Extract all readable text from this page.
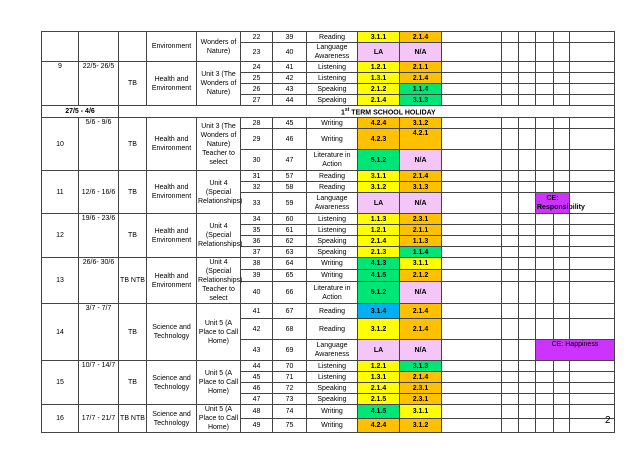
			Environment	Wonders of Nature)	22	39	Reading	3.1.1	2.1.4						
					23	40	Language Awareness	LA	N/A						
9	22/5- 26/5	TB	Health and Environment	Unit 3 (The Wonders of Nature)	24	41	Listening	1.2.1	2.1.1						
					25	42	Listening	1.3.1	2.1.4						
					26	43	Speaking	2.1.2	1.1.4						
					27	44	Speaking	2.1.4	3.1.3						
27/5 - 4/6		1st TERM SCHOOL HOLIDAY													
10	5/6 - 9/6	TB	Health and Environment	Unit 3 (The Wonders of Nature) Teacher to select	28	45	Writing	4.2.4	3.1.2						
					29	46	Writing	4.2.3	4.2.1						
					30	47	Literature in Action	5.1.2	N/A						
11	12/6 - 16/6	TB	Health and Environment	Unit 4 (Special Relationships)	31	57	Reading	3.1.1	2.1.4						
					32	58	Reading	3.1.2	3.1.3						
					33	59	Language Awareness	LA	N/A				CE: Responsibility		
12	19/6 - 23/6	TB	Health and Environment	Unit 4 (Special Relationships)	34	60	Listening	1.1.3	2.3.1						
					35	61	Listening	1.2.1	2.1.1						
					36	62	Speaking	2.1.4	1.1.3						
					37	63	Speaking	2.1.3	1.1.4						
13	26/6- 30/6	TB NTB	Health and Environment	Unit 4 (Special Relationships) Teacher to select	38	64	Writing	4.1.3	3.1.1						
					39	65	Writing	4.1.5	2.1.2						
					40	66	Literature in Action	5.1.2	N/A						
14	3/7 - 7/7	TB	Science and Technology	Unit 5 (A Place to Call Home)	41	67	Reading	3.1.4	2.1.4						
					42	68	Reading	3.1.2	2.1.4						
					43	69	Language Awareness	LA	N/A				CE: Happiness		
15	10/7 - 14/7	TB	Science and Technology	Unit 5 (A Place to Call Home)	44	70	Listening	1.2.1	3.1.3						
					45	71	Listening	1.3.1	2.1.4						
					46	72	Speaking	2.1.4	2.3.1						
					47	73	Speaking	2.1.5	2.3.1						
16	17/7 - 21/7	TB NTB	Science and Technology	Unit 5 (A Place to Call Home)	48	74	Writing	4.1.5	3.1.1						
					49	75	Writing	4.2.4	3.1.2							2
